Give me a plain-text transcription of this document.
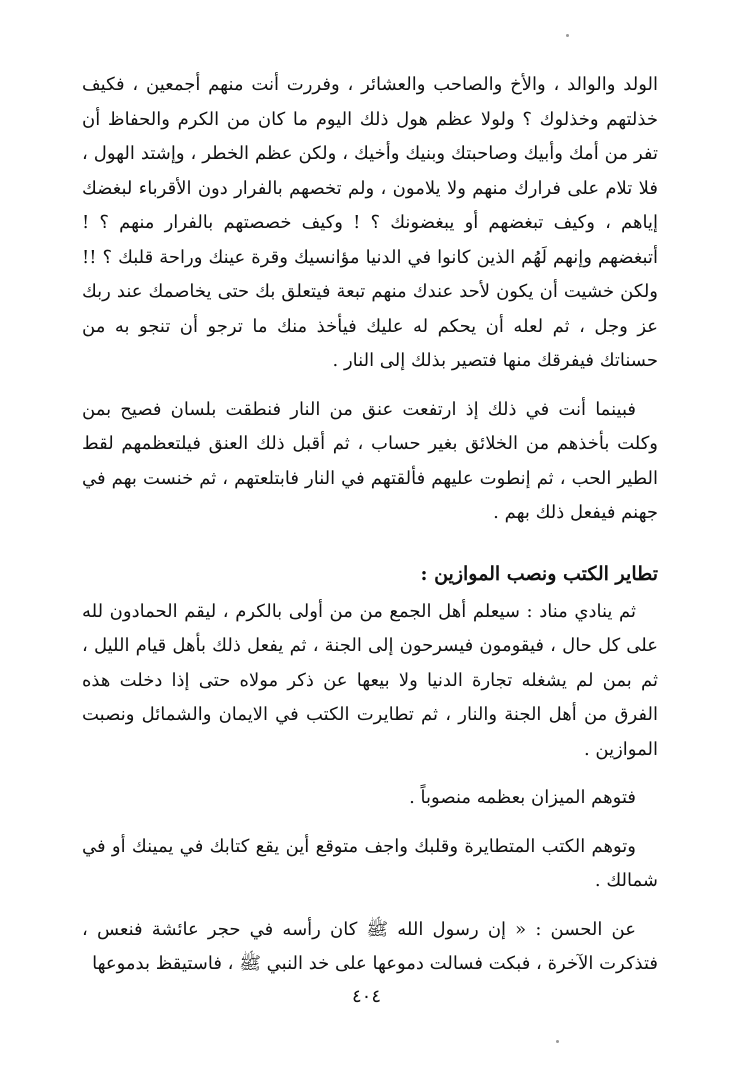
الولد والوالد ، والأخ والصاحب والعشائر ، وفررت أنت منهم أجمعين ، فكيف خذلتهم وخذلوك ؟ ولولا عظم هول ذلك اليوم ما كان من الكرم والحفاظ أن تفر من أمك وأبيك وصاحبتك وبنيك وأخيك ، ولكن عظم الخطر ، وإشتد الهول ، فلا تلام على فرارك منهم ولا يلامون ، ولم تخصهم بالفرار دون الأقرباء لبغضك إياهم ، وكيف تبغضهم أو يبغضونك ؟ ! وكيف خصصتهم بالفرار منهم ؟ ! أتبغضهم وإنهم لَهُم الذين كانوا في الدنيا مؤانسيك وقرة عينك وراحة قلبك ؟ !! ولكن خشيت أن يكون لأحد عندك منهم تبعة فيتعلق بك حتى يخاصمك عند ربك عز وجل ، ثم لعله أن يحكم له عليك فيأخذ منك ما ترجو أن تنجو به من حسناتك فيفرقك منها فتصير بذلك إلى النار .

فبينما أنت في ذلك إذ ارتفعت عنق من النار فنطقت بلسان فصيح بمن وكلت بأخذهم من الخلائق بغير حساب ، ثم أقبل ذلك العنق فيلتعظمهم لقط الطير الحب ، ثم إنطوت عليهم فألقتهم في النار فابتلعتهم ، ثم خنست بهم في جهنم فيفعل ذلك بهم .

تطاير الكتب ونصب الموازين :

ثم ينادي مناد : سيعلم أهل الجمع من من أولى بالكرم ، ليقم الحمادون لله على كل حال ، فيقومون فيسرحون إلى الجنة ، ثم يفعل ذلك بأهل قيام الليل ، ثم بمن لم يشغله تجارة الدنيا ولا بيعها عن ذكر مولاه حتى إذا دخلت هذه الفرق من أهل الجنة والنار ، ثم تطايرت الكتب في الايمان والشمائل ونصبت الموازين .

فتوهم الميزان بعظمه منصوباً .

وتوهم الكتب المتطايرة وقلبك واجف متوقع أين يقع كتابك في يمينك أو في شمالك .

عن الحسن : « إن رسول الله ﷺ كان رأسه في حجر عائشة فنعس ، فتذكرت الآخرة ، فبكت فسالت دموعها على خد النبي ﷺ ، فاستيقظ بدموعها

٤٠٤
